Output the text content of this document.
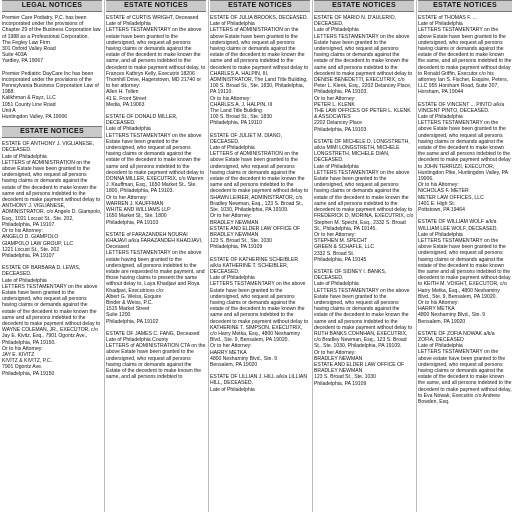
LEGAL NOTICES

Premier Care Podiatry, P.C. has been incorporated under the provisions of Chapter 29 of the Business Corporation law of 1988 as a Professional Corporation.

The Fegley Law Firm

301 Oxford Valley Road

Suite 403A

Yardley, PA 19067

Premier Pediatric DayCare Inc has been incorporated under the provisions of the Pennsylvania Business Corporation Law of 1988.

Kalikhman & Rayz, LLC

1051 County Line Road

Unit A

Huntingdon Valley, PA 19006

ESTATE NOTICES

ESTATE OF ANTHONY J. VIGLIANESE, DECEASED.

Late of Philadelphia

LETTERS of ADMINISTRATION on the above Estate have been granted to the undersigned, who request all persons having claims or demands against the estate of the decedent to make known the same and all persons indebted to the decedent to make payment without delay to ANTHONY J. VIGLIANESE, ADMINISTRATOR, c/o Angelo D. Giampolo, Esq., 1021 Locust St., Ste. 202, Philadelphia, PA 19107.

Or to his Attorney:

ANGELO D. GIAMPOLO

GIAMPOLO LAW GROUP, LLC

1221 Locust St., Ste. 202

Philadelphia, PA 19107

ESTATE OF BARBARA D. LEWIS, DECEASED.

Late of Philadelphia

LETTERS TESTAMENTARY on the above Estate have been granted to the undersigned, who request all persons having claims or demands against the estate of the decedent to make known the same and all persons indebted to the decedent to make payment without delay to WAYNE COLEMAN, JR., EXECUTOR, c/o Jay E. Kivitz, Esq., 7901 Ogontz Ave., Philadelphia, PA 19150.

Or to his Attorney:

JAY E. KIVITZ

KIVITZ & KIVITZ, P.C.

7901 Ogontz Ave.

Philadelphia, PA 19150

ESTATE NOTICES

ESTATE of CURTIS WRIGHT, Deceased

Late of Philadelphia

LETTERS TESTAMENTARY on the above estate have been granted to the undersigned, who request all persons having claims or demands against the estate of the decedent to make known the same, and all persons indebted to the decedent to make payment without delay, to Frances Kathryn Kelly, Executrix 18206 Thornhill Drive, Hagerstown, MD 21740 or to her attorney:

Allen H. Tollen

41 E. Front Street

Media, PA 19063

ESTATE OF DONALD MILLER, DECEASED.

Late of Philadelphia

LETTERS TESTAMENTARY on the above Estate have been granted to the undersigned, who request all persons having claims or demands against the estate of the decedent to make known the same and all persons indebted to the decedent to make payment without delay to DONNA MILLER, EXECUTRIX, c/o Warren J. Kauffman, Esq., 1650 Market St., Ste. 1800, Philadelphia, PA 19103.

Or to her Attorney:

WARREN J. KAUFFMAN

WHITE AND WILLIAMS LLP

1650 Market St., Ste. 1800

Philadelphia, PA 19103

ESTATE of FARAZANDEH NOURAI KHAJAVI a/k/a FARAZANDEH KHADJAVI, Deceased

LETTERS TESTAMENTARY on the above estate having been granted to the undersigned, all persons indebted to the estate are requested to make payment, and those having claims to present the same without delay to, Laya Khadjavi and Roya Khadjavi, Executrices c/o:

Albert G. Weiss, Esquire

Binder & Weiss, P.C.

1515 Market Street

Suite 1200

Philadelphia, PA 19102

ESTATE OF JAMES C. FANG, Deceased

Late of Philadelphia County

LETTERS of ADMINISTRATION CTA on the above Estate have been granted to the undersigned, who request all persons having claims or demands against the Estate of the decedent to make known the same, and all persons indebted to

ESTATE NOTICES

ESTATE OF JULIA BROOKS, DECEASED.

Late of Philadelphia

LETTERS of ADMINISTRATION on the above Estate have been granted to the undersigned, who request all persons having claims or demands against the estate of the decedent to make known the same and all persons indebted to the decedent to make payment without delay to CHARLES A. HALPIN, III, ADMINISTRATOR, The Land Title Building, 100 S. Broad St., Ste. 1830, Philadelphia, PA 19110.

Or to his Attorney:

CHARLES A. J. HALPIN, III

The Land Title Building

100 S. Broad St., Ste. 1830

Philadelphia, PA 19110

ESTATE OF JULIET M. DIANO, DECEASED.

Late of Philadelphia

LETTERS of ADMINISTRATION on the above Estate have been granted to the undersigned, who request all persons having claims or demands against the estate of the decedent to make known the same and all persons indebted to the decedent to make payment without delay to SHAWN LEIRER, ADMINISTRATOR, c/o Bradley Newman, Esq., 123 S. Broad St., Ste. 1030, Philadelphia, PA 19109.

Or to her Attorney:

BRADLEY NEWMAN

ESTATE AND ELDER LAW OFFICE OF BRADLEY NEWMAN

123 S. Broad St., Ste. 1030

Philadelphia, PA 19109

ESTATE OF KATHERINE SCHEIBLER a/k/a KATHERINE T. SCHEIBLER, DECEASED.

Late of Philadelphia

LETTERS TESTAMENTARY on the above Estate have been granted to the undersigned, who request all persons having claims or demands against the estate of the decedent to make known the same and all persons indebted to the decedent to make payment without delay to KATHERINE T. SIMPSON, EXECUTRIX, c/o Harry Metka, Esq., 4800 Neshaminy Blvd., Ste. 9, Bensalem, PA 19020.

Or to her Attorney:

HARRY METKA

4800 Neshaminy Blvd., Ste. 9

Bensalem, PA 19020

ESTATE OF LILLIAN J. HILL a/k/a LILLIAN HILL, DECEASED.

Late of Philadelphia

ESTATE NOTICES

ESTATE OF MARIO N. D'AULERIO, DECEASED.

Late of Philadelphia

LETTERS TESTAMENTARY on the above Estate have been granted to the undersigned, who request all persons having claims or demands against the estate of the decedent to make known the same and all persons indebted to the decedent to make payment without delay to DENISE BENEDETTI, EXECUTRIX, c/o Peter L. Klenk, Esq., 2202 Delancey Place, Philadelphia, PA 19103.

Or to her Attorney:

PETER L. KLENK

THE LAW OFFICES OF PETER L. KLENK & ASSOCIATES

2202 Delancey Place

Philadelphia, PA 19103

ESTATE OF MICHELE D. LONGSTRETH, a/k/a MIMI LONGSTRETH, MICHELE LONGSTRETH, MICHELE DIAN, DECEASED.

Late of Philadelphia

LETTERS TESTAMENTARY on the above Estate have been granted to the undersigned, who request all persons having claims or demands against the estate of the decedent to make known the same and all persons indebted to the decedent to make payment without delay to FREDERICK D. MORINA, EXECUTRIX, c/o Stephen M. Specht, Esq., 2332 S. Broad St., Philadelphia, PA 19145.

Or to her Attorney:

STEPHEN M. SPECHT

GREEN & SCHAFLE, LLC

2332 S. Broad St.

Philadelphia, PA 19145

ESTATE OF SIDNEY I. BANKS, DECEASED.

Late of Philadelphia

LETTERS TESTAMENTARY on the above Estate have been granted to the undersigned, who request all persons having claims or demands against the estate of the decedent to make known the same and all persons indebted to the decedent to make payment without delay to RUTH BANKS COHNHAN, EXECUTRIX, c/o Bradley Newman, Esq., 123 S. Broad St., Ste. 1030, Philadelphia, PA 19109.

Or to her Attorney:

BRADLEY NEWMAN

ESTATE AND ELDER LAW OFFICE OF BRADLEY NEWMAN

123 S. Broad St., Ste. 1030

Philadelphia, PA 19109

ESTATE NOTICES

ESTATE of THOMAS F. ...

Late of Philadelphia

LETTERS TESTAMENTARY on the above Estate have been granted to the undersigned, who request all persons having claims or demands against the estate of the decedent to make known the same, and all persons indebted to the decedent to make payment without delay to Ronald Griffin, Executor c/o his attorney Ian S. Fischer, Esquire, Peters, LLC 955 Horsham Road, Suite 207, Horsham, PA 19044

ESTATE OF VINCENT ... PINTO a/k/a VINCENT PINTO, DECEASED.

Late of Philadelphia

LETTERS TESTAMENTARY on the above Estate have been granted to the undersigned, who request all persons having claims or demands against the estate of the decedent to make known the same and all persons indebted to the decedent to make payment without delay to JOHN TERRIZZI, EXECUTOR, Huntingdon Pike, Huntingdon Valley, PA 19006.

Or to his Attorney:

NICHOLAS F. METER

METER LAW OFFICES, LLC

1401 E. High St.

Pottstown, PA 19464

ESTATE OF WILLIAM WOLF a/k/a WILLIAM LEE WOLF, DECEASED.

Late of Philadelphia

LETTERS TESTAMENTARY on the above Estate have been granted to the undersigned, who request all persons having claims or demands against the estate of the decedent to make known the same and all persons indebted to the decedent to make payment without delay to KEITH M. VOIGHT, EXECUTOR, c/o Harry Metka, Esq., 4800 Neshaminy Blvd., Ste. 9, Bensalem, PA 19020.

Or to his Attorney:

HARRY METKA

4800 Neshaminy Blvd., Ste. 9

Bensalem, PA 19020

ESTATE OF ZOFIA NOWAK a/k/a ZOFIA, DECEASED

Late of Philadelphia

LETTERS TESTAMENTARY on the above estate have been granted to the undersigned, who request all persons having claims or demands against the estate of the decedent to make known the same, and all persons indebted to the decedent to make payment without delay, to Eva Nowak, Executrix c/o Andrew Bowden, Esq.
